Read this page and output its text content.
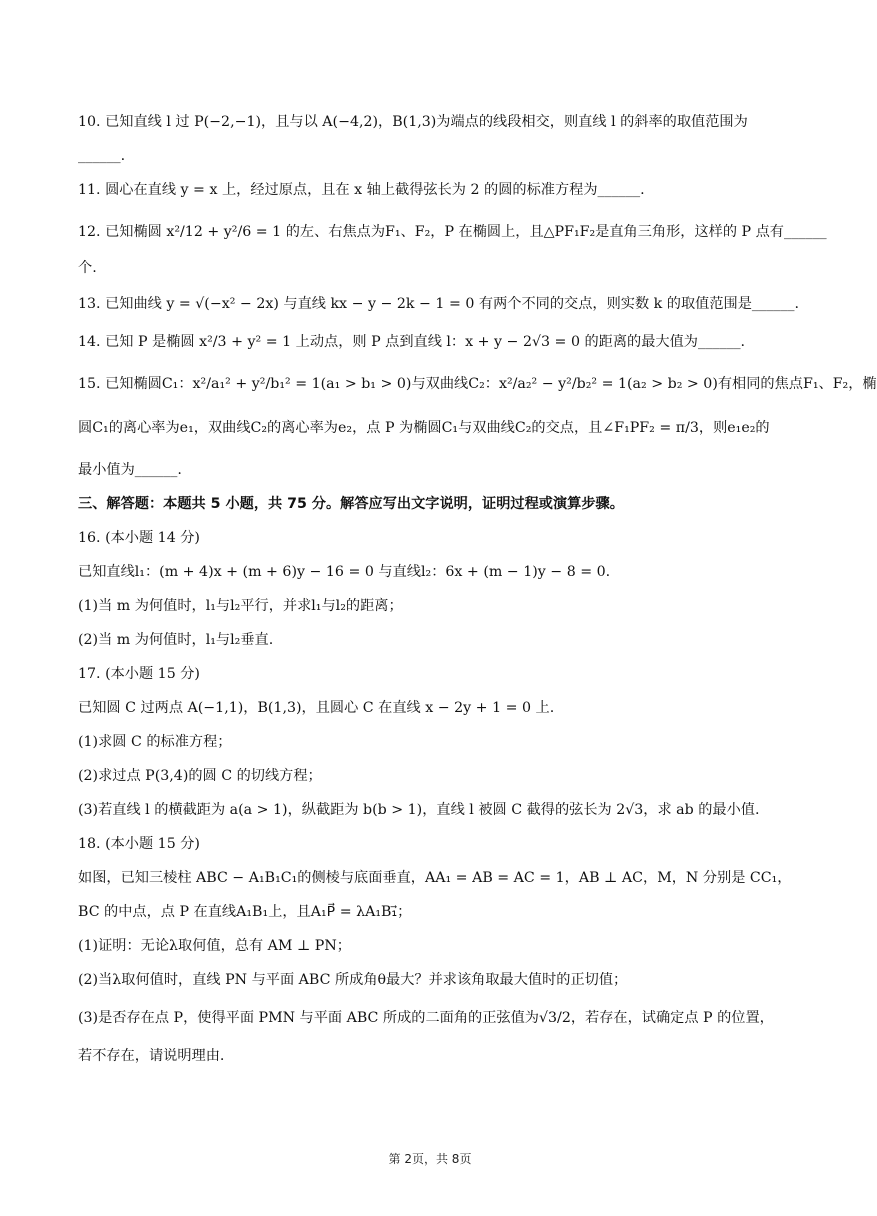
10. 已知直线 l 过 P(−2,−1)，且与以 A(−4,2)，B(1,3)为端点的线段相交，则直线 l 的斜率的取值范围为
______.
11. 圆心在直线 y = x 上，经过原点，且在 x 轴上截得弦长为 2 的圆的标准方程为______.
12. 已知椭圆 x²/12 + y²/6 = 1 的左、右焦点为F₁、F₂，P 在椭圆上，且△PF₁F₂是直角三角形，这样的 P 点有______
个.
13. 已知曲线 y = √(−x² − 2x) 与直线 kx − y − 2k − 1 = 0 有两个不同的交点，则实数 k 的取值范围是______.
14. 已知 P 是椭圆 x²/3 + y² = 1 上动点，则 P 点到直线 l：x + y − 2√3 = 0 的距离的最大值为______.
15. 已知椭圆C₁：x²/a₁² + y²/b₁² = 1(a₁ > b₁ > 0)与双曲线C₂：x²/a₂² − y²/b₂² = 1(a₂ > b₂ > 0)有相同的焦点F₁、F₂，椭
圆C₁的离心率为e₁，双曲线C₂的离心率为e₂，点 P 为椭圆C₁与双曲线C₂的交点，且∠F₁PF₂ = π/3，则e₁e₂的
最小值为______.
三、解答题：本题共 5 小题，共 75 分。解答应写出文字说明，证明过程或演算步骤。
16. (本小题 14 分)
已知直线l₁：(m + 4)x + (m + 6)y − 16 = 0 与直线l₂：6x + (m − 1)y − 8 = 0.
(1)当 m 为何值时，l₁与l₂平行，并求l₁与l₂的距离；
(2)当 m 为何值时，l₁与l₂垂直.
17. (本小题 15 分)
已知圆 C 过两点 A(−1,1)，B(1,3)，且圆心 C 在直线 x − 2y + 1 = 0 上.
(1)求圆 C 的标准方程；
(2)求过点 P(3,4)的圆 C 的切线方程；
(3)若直线 l 的横截距为 a(a > 1)，纵截距为 b(b > 1)，直线 l 被圆 C 截得的弦长为 2√3，求 ab 的最小值.
18. (本小题 15 分)
如图，已知三棱柱 ABC − A₁B₁C₁的侧棱与底面垂直，AA₁ = AB = AC = 1，AB ⊥ AC，M，N 分别是 CC₁，
BC 的中点，点 P 在直线A₁B₁上，且A₁P⃗ = λA₁B₁⃗；
(1)证明：无论λ取何值，总有 AM ⊥ PN；
(2)当λ取何值时，直线 PN 与平面 ABC 所成角θ最大？并求该角取最大值时的正切值；
(3)是否存在点 P，使得平面 PMN 与平面 ABC 所成的二面角的正弦值为√3/2，若存在，试确定点 P 的位置，
若不存在，请说明理由.
第 2页，共 8页
